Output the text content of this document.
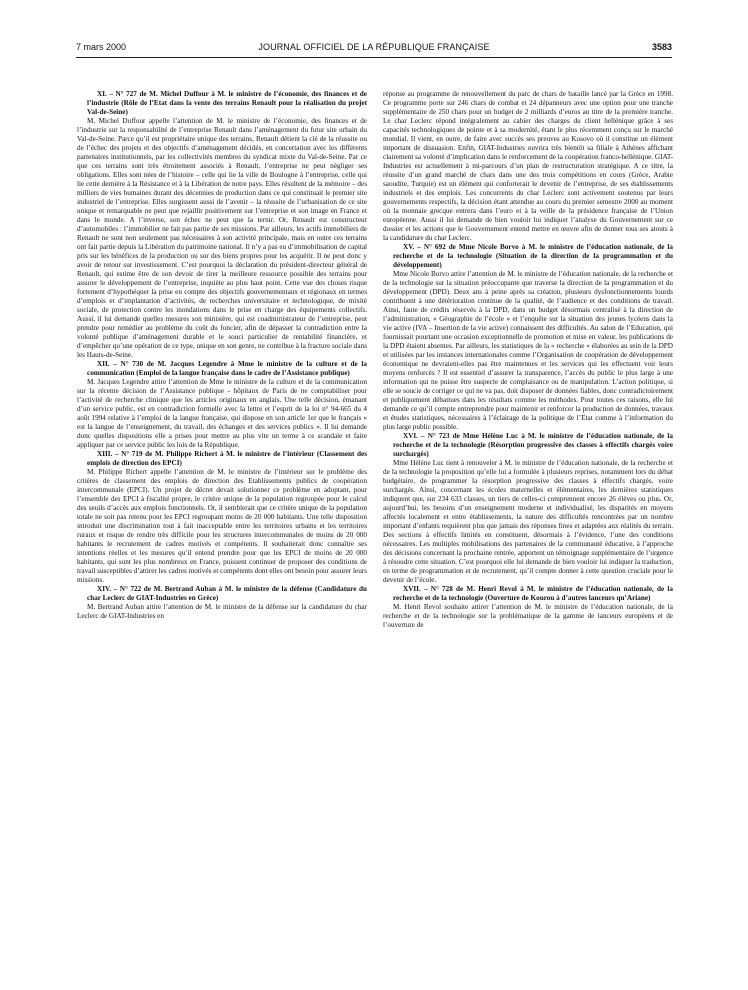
7 mars 2000	JOURNAL OFFICIEL DE LA RÉPUBLIQUE FRANÇAISE	3583

XI. – N° 727 de M. Michel Duffour à M. le ministre de l’économie, des finances et de l’industrie (Rôle de l’Etat dans la vente des terrains Renault pour la réalisation du projet Val-de-Seine)

M. Michel Duffour appelle l’attention de M. le ministre de l’économie, des finances et de l’industrie sur la responsabilité de l’entreprise Renault dans l’aménagement du futur site urbain du Val-de-Seine. Parce qu’il est propriétaire unique des terrains, Renault détient la clé de la réussite ou de l’échec des projets et des objectifs d’aménagement décidés, en concertation avec les différents partenaires institutionnels, par les collectivités membres du syndicat mixte du Val-de-Seine. Par ce que ces terrains sont très étroitement associés à Renault, l’entreprise ne peut négliger ses obligations. Elles sont nées de l’histoire – celle qui lie la ville de Boulogne à l’entreprise, celle qui lie cette dernière à la Résistance et à la Libération de notre pays. Elles résultent de la mémoire – des milliers de vies humaines durant des décennies de production dans ce qui constituait le premier site industriel de l’entreprise. Elles surgissent aussi de l’avenir – la réussite de l’urbanisation de ce site unique et remarquable ne peut que rejaillir positivement sur l’entreprise et son image en France et dans le monde. A l’inverse, son échec ne peut que la ternir. Or, Renault est constructeur d’automobiles : l’immobilier ne fait pas partie de ses missions. Par ailleurs, les actifs immobiliers de Renault ne sont non seulement pas nécessaires à son activité principale, mais en outre ces terrains ont fait partie depuis la Libération du patrimoine national. Il n’y a pas eu d’immobilisation de capital pris sur les bénéfices de la production ou sur des biens propres pour les acquérir. Il ne peut donc y avoir de retour sur investissement. C’est pourquoi la déclaration du président-directeur général de Renault, qui estime être de son devoir de tirer la meilleure ressource possible des terrains pour assurer le développement de l’entreprise, inquiète au plus haut point. Cette vue des choses risque fortement d’hypothéquer la prise en compte des objectifs gouvernementaux et régionaux en termes d’emplois et d’implantation d’activités, de recherches universitaire et technologique, de mixité sociale, de protection contre les inondations dans le prise en charge des équipements collectifs. Aussi, il lui demande quelles mesures son ministère, qui est coadministrateur de l’entreprise, peut prendre pour remédier au problème du coût du foncier, afin de dépasser la contradiction entre la volonté publique d’aménagement durable et le souci particulier de rentabilité financière, et d’empêcher qu’une opération de ce type, unique en son genre, ne contribue à la fracture sociale dans les Hauts-de-Seine.

XII. – N° 730 de M. Jacques Legendre à Mme le ministre de la culture et de la communication (Emploi de la langue française dans le cadre de l’Assistance publique)

M. Jacques Legendre attire l’attention de Mme le ministre de la culture et de la communication sur la récente décision de l’Assistance publique - hôpitaux de Paris de ne comptabiliser pour l’activité de recherche clinique que les articles originaux en anglais. Une telle décision, émanant d’un service public, est en contradiction formelle avec la lettre et l’esprit de la loi n° 94-665 du 4 août 1994 relative à l’emploi de la langue française, qui dispose en son article 1er que le français « est la langue de l’enseignement, du travail, des échanges et des services publics ». Il lui demande donc quelles dispositions elle a prises pour mettre au plus vite un terme à ce scandale et faire appliquer par ce service public les lois de la République.

XIII. – N° 719 de M. Philippe Richert à M. le ministre de l’intérieur (Classement des emplois de direction des EPCI)

M. Philippe Richert appelle l’attention de M. le ministre de l’intérieur sur le problème des critères de classement des emplois de direction des Etablissements publics de coopération intercommunale (EPCI). Un projet de décret devait solutionner ce problème en adoptant, pour l’ensemble des EPCI à fiscalité propre, le critère unique de la population regroupée pour le calcul des seuils d’accès aux emplois fonctionnels. Or, il semblerait que ce critère unique de la population totale ne soit pas retenu pour les EPCI regroupant moins de 20 000 habitants. Une telle disposition introduit une discrimination tout à fait inacceptable entre les territoires urbains et les territoires ruraux et risque de rendre très difficile pour les structures intercommunales de moins de 20 000 habitants le recrutement de cadres motivés et compétents. Il souhaiterait donc connaître ses intentions réelles et les mesures qu’il entend prendre pour que les EPCI de moins de 20 000 habitants, qui sont les plus nombreux en France, puissent continuer de proposer des conditions de travail susceptibles d’attirer les cadres motivés et compétents dont elles ont besoin pour assurer leurs missions.

XIV. – N° 722 de M. Bertrand Auban à M. le ministre de la défense (Candidature du char Leclerc de GIAT-Industries en Grèce)

M. Bertrand Auban attire l’attention de M. le ministre de la défense sur la candidature du char Leclerc de GIAT-Industries en

réponse au programme de renouvellement du parc de chars de bataille lancé par la Grèce en 1998. Ce programme porte sur 246 chars de combat et 24 dépanneurs avec une option pour une tranche supplémentaire de 250 chars pour un budget de 2 milliards d’euros au titre de la première tranche. Le char Leclerc répond intégralement au cahier des charges du client hellénique grâce à ses capacités technologiques de pointe et à sa modernité, étant le plus récemment conçu sur le marché mondial. Il vient, en outre, de faire avec succès ses preuves au Kosovo où il constitue un élément important de dissuasion. Enfin, GIAT-Industries ouvrira très bientôt sa filiale à Athènes affichant clairement sa volonté d’implication dans le renforcement de la coopération franco-hellénique. GIAT-Industries est actuellement à mi-parcours d’un plan de restructuration stratégique. A ce titre, la réussite d’un grand marché de chars dans une des trois compétitions en cours (Grèce, Arabie saoudite, Turquie) est un élément qui conforterait le devenir de l’entreprise, de ses établissements industriels et des emplois. Les concurrents du char Leclerc sont activement soutenus par leurs gouvernements respectifs, la décision étant attendue au cours du premier semestre 2000 au moment où la monnaie grecque entrera dans l’euro et à la veille de la présidence française de l’Union européenne. Aussi il lui demande de bien vouloir lui indiquer l’analyse du Gouvernement sur ce dossier et les actions que le Gouvernement entend mettre en œuvre afin de donner tous ses atouts à la candidature du char Leclerc.

XV. – N° 692 de Mme Nicole Borvo à M. le ministre de l’éducation nationale, de la recherche et de la technologie (Situation de la direction de la programmation et du développement)

Mme Nicole Borvo attire l’attention de M. le ministre de l’éducation nationale, de la recherche et de la technologie sur la situation préoccupante que traverse la direction de la programmation et du développement (DPD). Deux ans à peine après sa création, plusieurs dysfonctionnements lourds contribuent à une détérioration continue de la qualité, de l’audience et des conditions de travail. Ainsi, faute de crédits réservés à la DPD, dans un budget désormais centralisé à la direction de l’administration, « Géographie de l’école » et l’enquête sur la situation des jeunes lycéens dans la vie active (IVA – Insertion de la vie active) connaissent des difficultés. Au salon de l’Education, qui fournissait pourtant une occasion exceptionnelle de promotion et mise en valeur, les publications de la DPD étaient absentes. Par ailleurs, les statistiques de la « recherche » élaborées au sein de la DPD et utilisées par les instances internationales comme l’Organisation de coopération de développement économique ne devraient-elles pas être maintenues et les services qui les effectuent voir leurs moyens renforcés ? Il est essentiel d’assurer la transparence, l’accès du public le plus large à une information qui ne puisse être suspecte de complaisance ou de manipulation. L’action politique, si elle se soucie de corriger ce qui ne va pas, doit disposer de données fiables, donc contradictoirement et publiquement débattues dans les résultats comme les méthodes. Pour toutes ces raisons, elle lui demande ce qu’il compte entreprendre pour maintenir et renforcer la production de données, travaux et études statistiques, nécessaires à l’éclairage de la politique de l’Etat comme à l’information du plus large public possible.

XVI. – N° 723 de Mme Hélène Luc à M. le ministre de l’éducation nationale, de la recherche et de la technologie (Résorption progressive des classes à effectifs chargés voire surchargés)

Mme Hélène Luc tient à renouveler à M. le ministre de l’éducation nationale, de la recherche et de la technologie la proposition qu’elle lui a formulée à plusieurs reprises, notamment lors du débat budgétaire, de programmer la résorption progressive des classes à effectifs chargés, voire surchargés. Ainsi, concernant les écoles maternelles et élémentaires, les dernières statistiques indiquent que, sur 234 633 classes, un tiers de celles-ci comprennent encore 26 élèves ou plus. Or, aujourd’hui, les besoins d’un enseignement moderne et individualisé, les disparités en moyens affectés localement et entre établissements, la nature des difficultés rencontrées par un nombre important d’enfants requièrent plus que jamais des réponses fines et adaptées aux réalités du terrain. Des sections à effectifs limités en constituent, désormais à l’évidence, l’une des conditions nécessaires. Les multiples mobilisations des partenaires de la communauté éducative, à l’approche des décisions concernant la prochaine rentrée, apportent un témoignage supplémentaire de l’urgence à résoudre cette situation. C’est pourquoi elle lui demande de bien vouloir lui indiquer la traduction, en terme de programmation et de recrutement, qu’il compte donner à cette question cruciale pour le devenir de l’école.

XVII. – N° 728 de M. Henri Revol à M. le ministre de l’éducation nationale, de la recherche et de la technologie (Ouverture de Kourou à d’autres lanceurs qu’Ariane)

M. Henri Revol souhaite attirer l’attention de M. le ministre de l’éducation nationale, de la recherche et de la technologie sur la problématique de la gamme de lanceurs européens et de l’ouverture de
